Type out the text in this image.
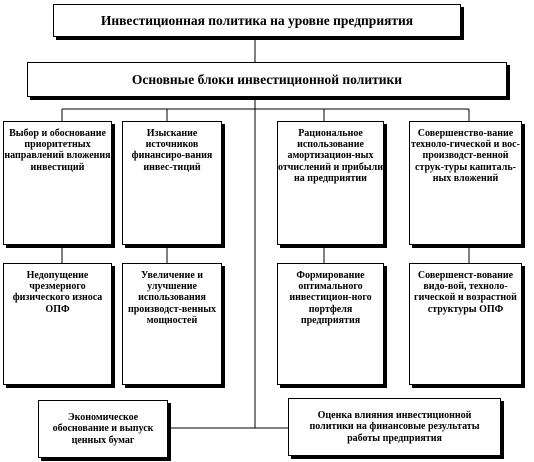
Инвестиционная политика на уровне предприятия
Основные блоки инвестиционной политики
Выбор и обоснование приоритетных направлений вложения инвестиций
Изыскание источников финансиро-вания инвес-тиций
Рациональное использование амортизацион-ных отчислений и прибыли на предприятии
Совершенство-вание техноло-гической и вос-производст-венной струк-туры капиталь-ных вложений
Недопущение чрезмерного физического износа ОПФ
Увеличение и улучшение использования производст-венных мощностей
Формирование оптимального инвестицион-ного портфеля предприятия
Совершенст-вование видо-вой, техноло-гической и возрастной структуры ОПФ
Экономическое обоснование и выпуск ценных бумаг
Оценка влияния инвестиционной политики на финансовые результаты работы предприятия
